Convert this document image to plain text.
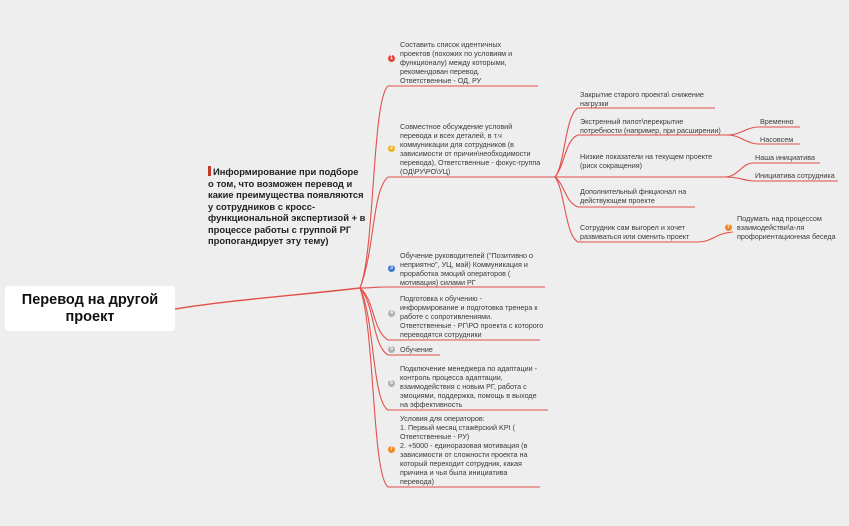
Перевод на другой проект
Информирование при подборе о том, что возможен перевод и какие преимущества появляются у сотрудников с кросс-функциональной экспертизой + в процессе работы с группой РГ пропогандирует эту тему)
1
Составить список идентичных
проектов (похожих по условиям и
функционалу) между которыми,
рекомендован перевод.
Ответственные - ОД, РУ
2
Совместное обсуждение условий
перевода и всех деталей, в т.ч
коммуникации для сотрудников (в
зависимости от причин\необходимости
перевода), Ответственные - фокус-группа
(ОД\РУ\РО\УЦ)
3
Обучение руководителей ("Позитивно о
неприятно", УЦ, май) Коммуникация и
проработка эмоций операторов (
мотивация) силами РГ
4
Подготовка к обучению -
информирование и подготовка тренера к
работе с сопротивлениями.
Ответственные - РГ\РО проекта с которого
переводятся сотрудники
5 Обучение
6
Подключение менеджера по адаптации -
контроль процесса адаптации,
взаимодействия с новым РГ, работа с
эмоциями, поддержка, помощь в выходе
на эффективность
7
Условия для операторов:
1. Первый месяц стажёрский KPI (
Ответственные - РУ)
2. +5000 - единоразовая мотивация (в
зависимости от сложности проекта на
который переходит сотрудник, какая
причина и чья была инициатива
перевода)
Закрытие старого проекта\ снижение
нагрузки
Экстренный пилот\перекрытие
потребности (например, при расширении)
Низкие показатели на текущем проекте
(риск сокращения)
Дополнительный фнкционал на
действующем проекте
Сотрудник сам выгорел и хочет
развиваться или сменить проект
Временно
Насовсем
Наша инициатива
Инициатива сотрудника
?
Подумать над процессом
взаимодействи\а-ля
профориентационная беседа
